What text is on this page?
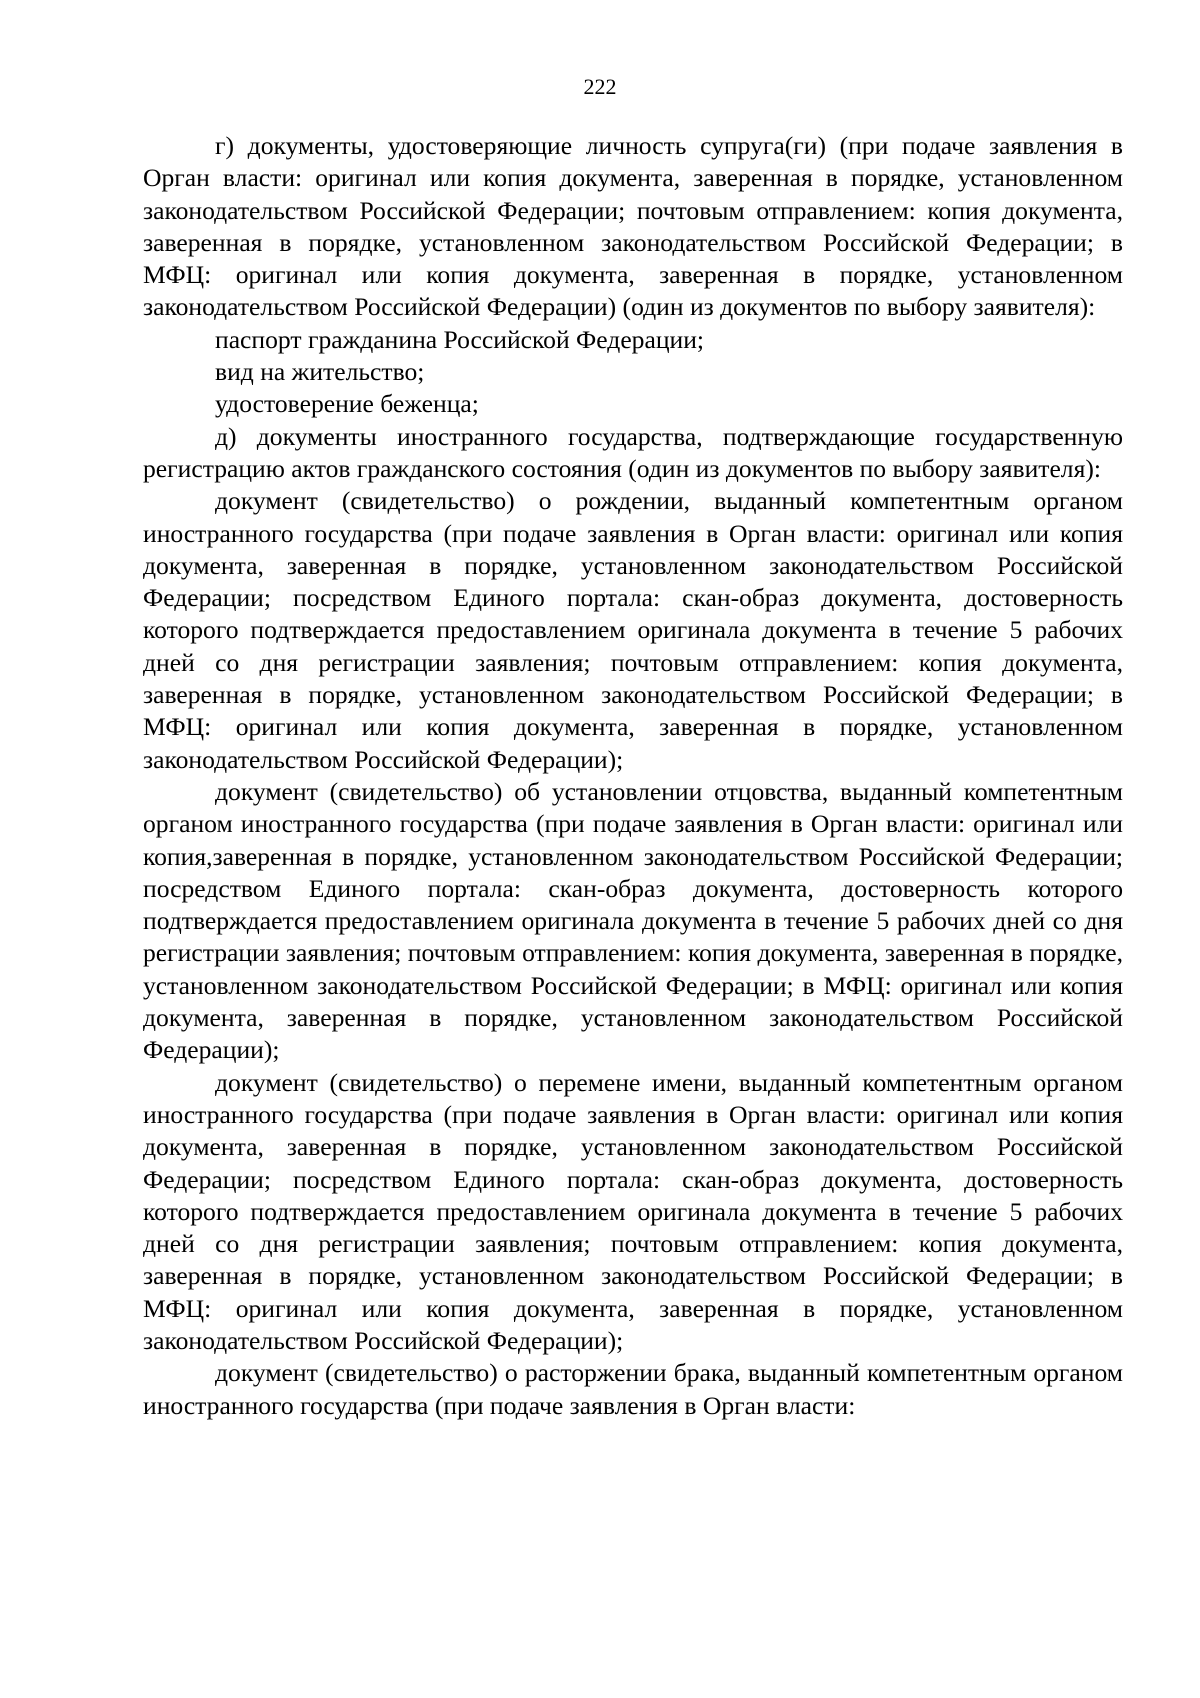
222

г) документы, удостоверяющие личность супруга(ги) (при подаче заявления в Орган власти: оригинал или копия документа, заверенная в порядке, установленном законодательством Российской Федерации; почтовым отправлением: копия документа, заверенная в порядке, установленном законодательством Российской Федерации; в МФЦ: оригинал или копия документа, заверенная в порядке, установленном законодательством Российской Федерации) (один из документов по выбору заявителя):

паспорт гражданина Российской Федерации;

вид на жительство;

удостоверение беженца;

д) документы иностранного государства, подтверждающие государственную регистрацию актов гражданского состояния (один из документов по выбору заявителя):

документ (свидетельство) о рождении, выданный компетентным органом иностранного государства (при подаче заявления в Орган власти: оригинал или копия документа, заверенная в порядке, установленном законодательством Российской Федерации; посредством Единого портала: скан-образ документа, достоверность которого подтверждается предоставлением оригинала документа в течение 5 рабочих дней со дня регистрации заявления; почтовым отправлением: копия документа, заверенная в порядке, установленном законодательством Российской Федерации; в МФЦ: оригинал или копия документа, заверенная в порядке, установленном законодательством Российской Федерации);

документ (свидетельство) об установлении отцовства, выданный компетентным органом иностранного государства (при подаче заявления в Орган власти: оригинал или копия,заверенная в порядке, установленном законодательством Российской Федерации; посредством Единого портала: скан-образ документа, достоверность которого подтверждается предоставлением оригинала документа в течение 5 рабочих дней со дня регистрации заявления; почтовым отправлением: копия документа, заверенная в порядке, установленном законодательством Российской Федерации; в МФЦ: оригинал или копия документа, заверенная в порядке, установленном законодательством Российской Федерации);

документ (свидетельство) о перемене имени, выданный компетентным органом иностранного государства (при подаче заявления в Орган власти: оригинал или копия документа, заверенная в порядке, установленном законодательством Российской Федерации; посредством Единого портала: скан-образ документа, достоверность которого подтверждается предоставлением оригинала документа в течение 5 рабочих дней со дня регистрации заявления; почтовым отправлением: копия документа, заверенная в порядке, установленном законодательством Российской Федерации; в МФЦ: оригинал или копия документа, заверенная в порядке, установленном законодательством Российской Федерации);

документ (свидетельство) о расторжении брака, выданный компетентным органом иностранного государства (при подаче заявления в Орган власти:
